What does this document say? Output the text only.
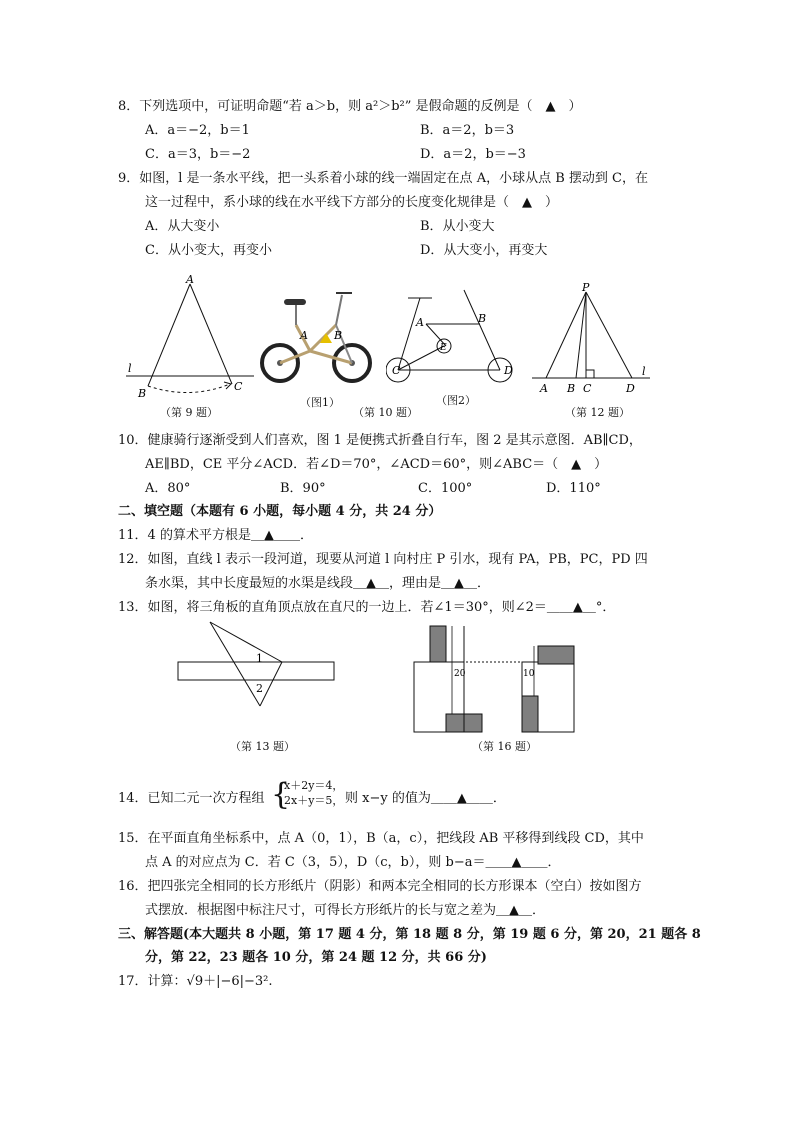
8．下列选项中，可证明命题“若 a＞b，则 a²＞b²” 是假命题的反例是（　▲　）
A．a＝−2，b＝1	B．a＝2，b＝3
C．a＝3，b＝−2	D．a＝2，b＝−3
9．如图，l 是一条水平线，把一头系着小球的线一端固定在点 A，小球从点 B 摆动到 C，在
这一过程中，系小球的线在水平线下方部分的长度变化规律是（　▲　）
A．从大变小	B．从小变大
C．从小变大，再变小	D．从大变小，再变大
A
l
B
C
（第 9 题）
A B
（图1）
（第 10 题）
A	B
C	D
E
（图2）
P
A B C	D
l
（第 12 题）
10．健康骑行逐渐受到人们喜欢，图 1 是便携式折叠自行车，图 2 是其示意图．AB∥CD，
AE∥BD，CE 平分∠ACD．若∠D＝70°，∠ACD＝60°，则∠ABC＝（　▲　）
A．80°	B．90°	C．100°	D．110°
二、填空题（本题有 6 小题，每小题 4 分，共 24 分）
11．4 的算术平方根是＿▲＿＿．
12．如图，直线 l 表示一段河道，现要从河道 l 向村庄 P 引水，现有 PA，PB，PC，PD 四
条水渠，其中长度最短的水渠是线段＿▲＿，理由是＿▲＿．
13．如图，将三角板的直角顶点放在直尺的一边上．若∠1＝30°，则∠2＝＿＿▲＿°．
1
2
（第 13 题）
20	10
（第 16 题）
14．已知二元一次方程组 {
x＋2y＝4，
2x＋y＝5， 则 x−y 的值为＿＿▲＿＿．
15．在平面直角坐标系中，点 A（0，1），B（a，c），把线段 AB 平移得到线段 CD，其中
点 A 的对应点为 C．若 C（3，5），D（c，b），则 b−a＝＿＿▲＿＿．
16．把四张完全相同的长方形纸片（阴影）和两本完全相同的长方形课本（空白）按如图方
式摆放．根据图中标注尺寸，可得长方形纸片的长与宽之差为＿▲＿．
三、解答题(本大题共 8 小题，第 17 题 4 分，第 18 题 8 分，第 19 题 6 分，第 20，21 题各 8
分，第 22，23 题各 10 分，第 24 题 12 分，共 66 分)
17．计算：√9＋|−6|−3².
